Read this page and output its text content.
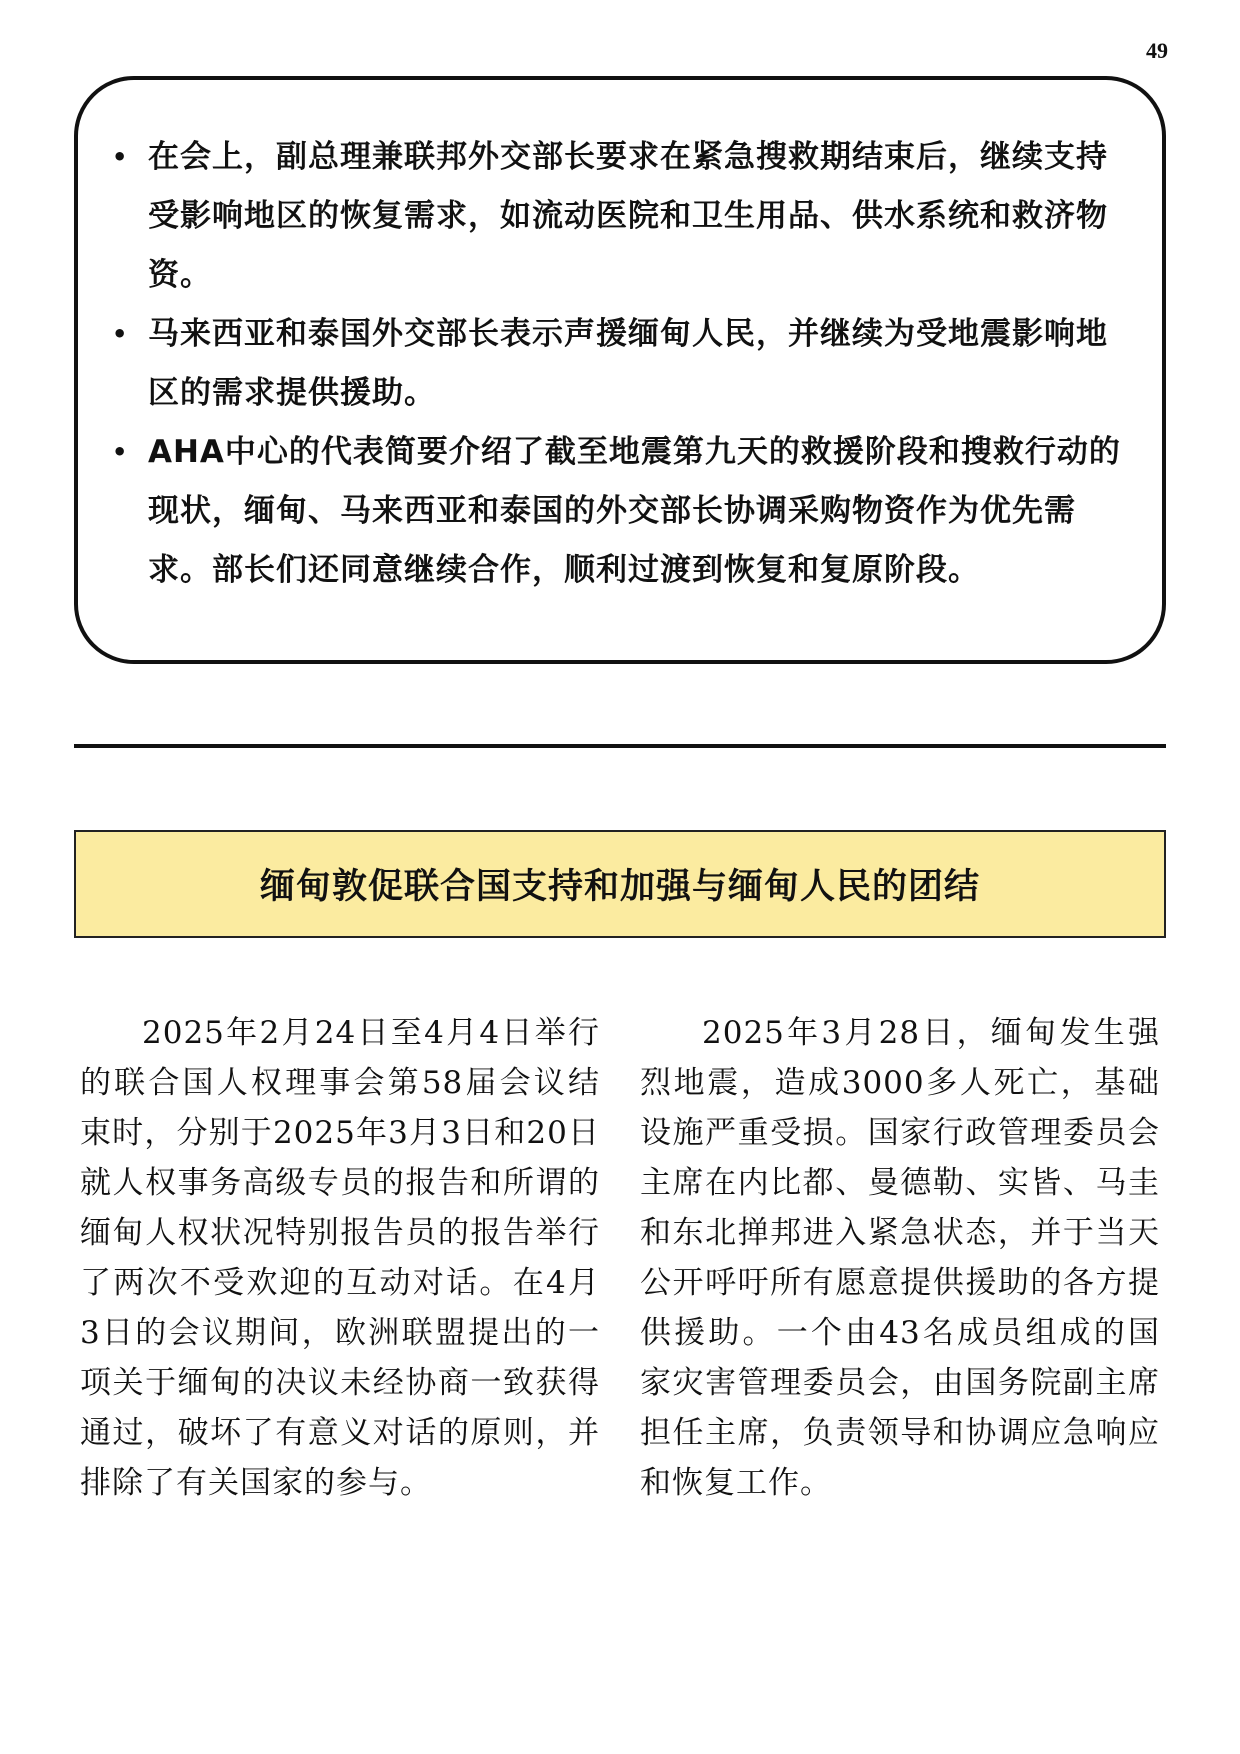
49
• 在会上，副总理兼联邦外交部长要求在紧急搜救期结束后，继续支持受影响地区的恢复需求，如流动医院和卫生用品、供水系统和救济物资。
• 马来西亚和泰国外交部长表示声援缅甸人民，并继续为受地震影响地区的需求提供援助。
• AHA中心的代表简要介绍了截至地震第九天的救援阶段和搜救行动的现状，缅甸、马来西亚和泰国的外交部长协调采购物资作为优先需求。部长们还同意继续合作，顺利过渡到恢复和复原阶段。
缅甸敦促联合国支持和加强与缅甸人民的团结

2025年2月24日至4月4日举行的联合国人权理事会第58届会议结束时，分别于2025年3月3日和20日就人权事务高级专员的报告和所谓的缅甸人权状况特别报告员的报告举行了两次不受欢迎的互动对话。在4月3日的会议期间，欧洲联盟提出的一项关于缅甸的决议未经协商一致获得通过，破坏了有意义对话的原则，并排除了有关国家的参与。

2025年3月28日，缅甸发生强烈地震，造成3000多人死亡，基础设施严重受损。国家行政管理委员会主席在内比都、曼德勒、实皆、马圭和东北掸邦进入紧急状态，并于当天公开呼吁所有愿意提供援助的各方提供援助。一个由43名成员组成的国家灾害管理委员会，由国务院副主席担任主席，负责领导和协调应急响应和恢复工作。
